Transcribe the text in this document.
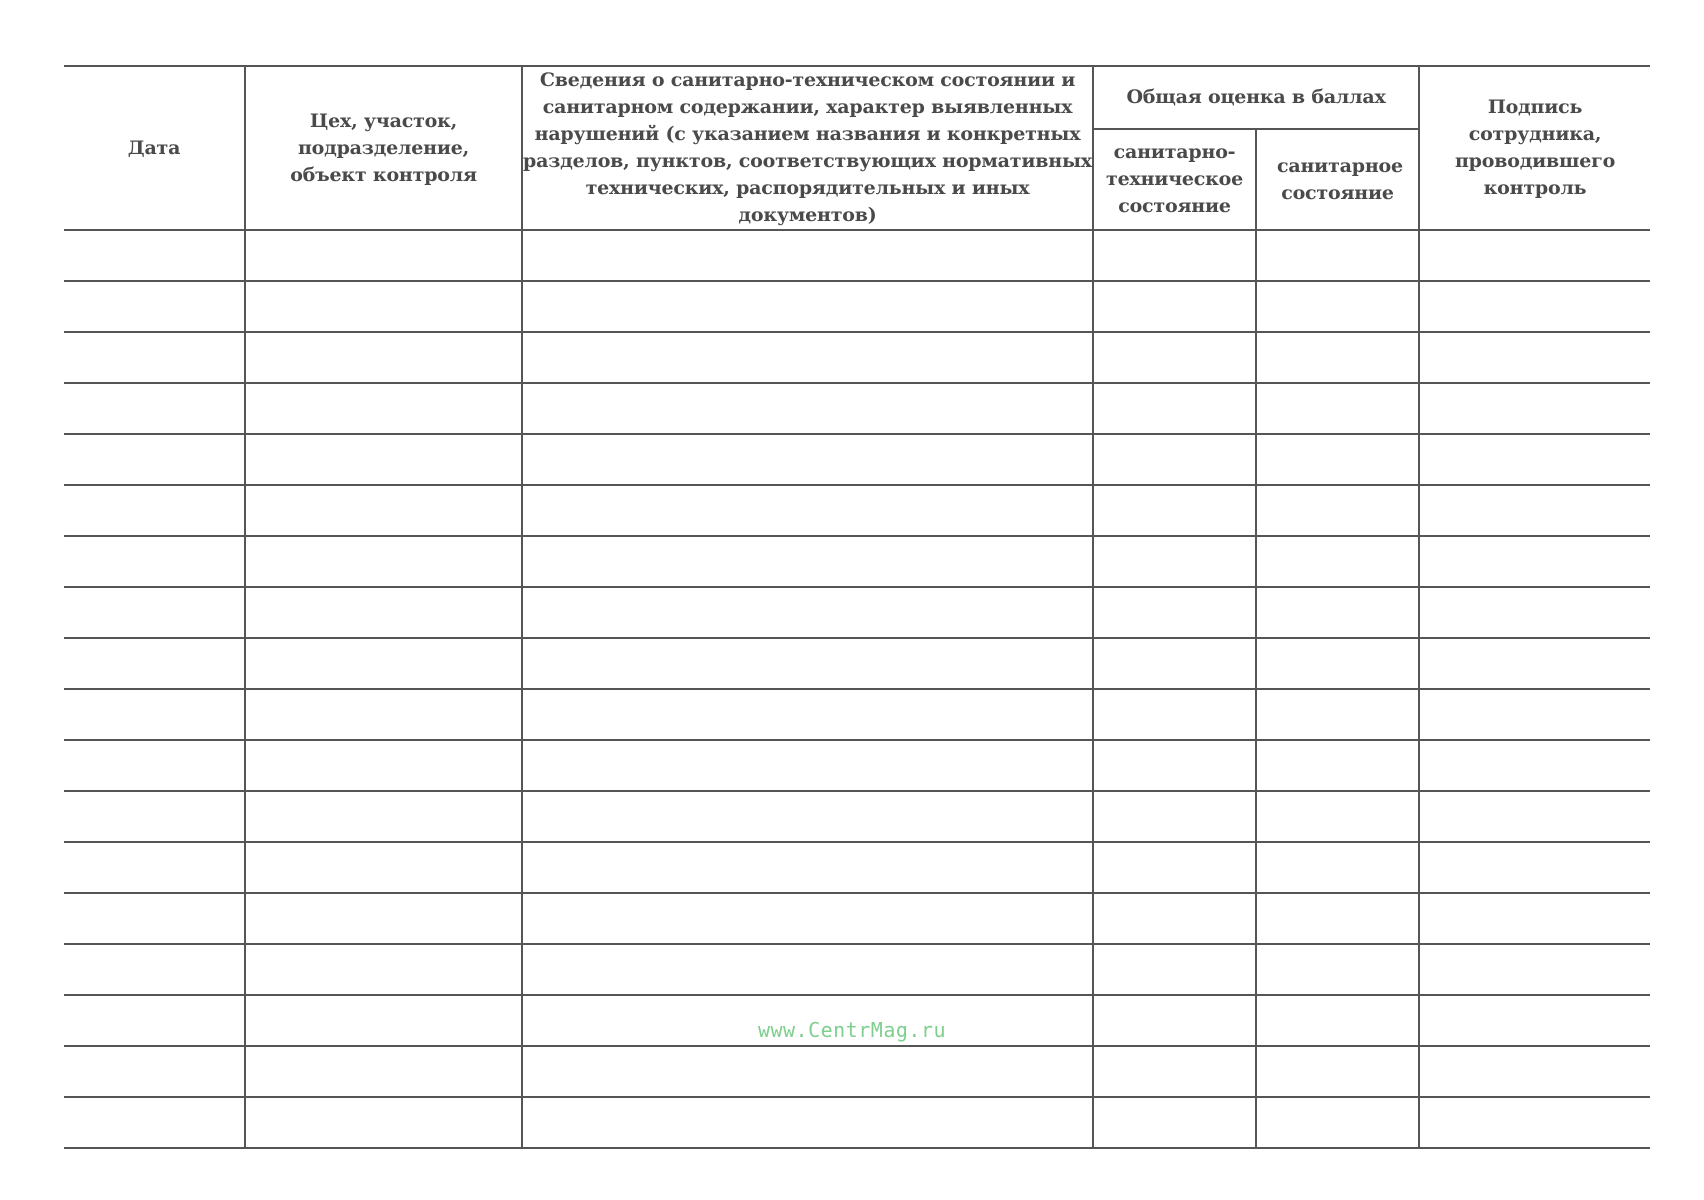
Дата	Цех, участок, подразделение, объект контроля	Сведения о санитарно-техническом состоянии и санитарном содержании, характер выявленных нарушений (с указанием названия и конкретных разделов, пунктов, соответствующих нормативных технических, распорядительных и иных документов)	Общая оценка в баллах		Подпись сотрудника, проводившего контроль

			санитарно-техническое состояние	санитарное состояние	

www.CentrMag.ru
